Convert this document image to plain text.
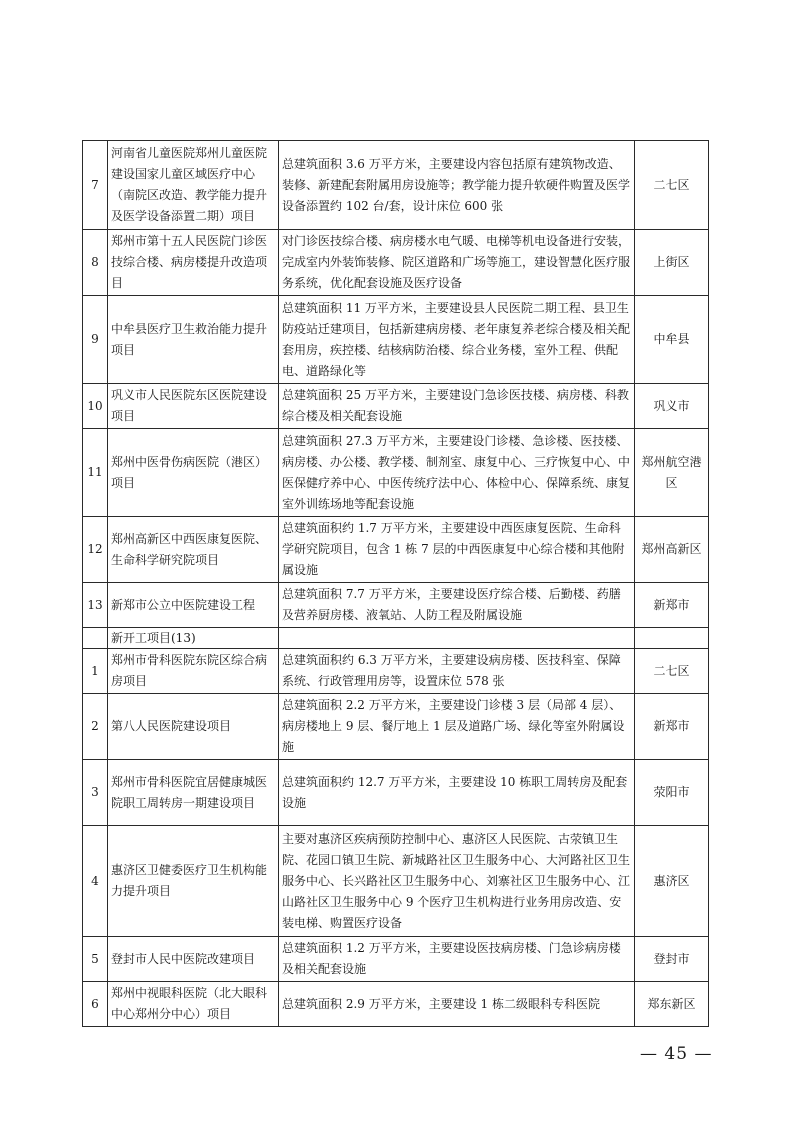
7	河南省儿童医院郑州儿童医院建设国家儿童区域医疗中心（南院区改造、教学能力提升及医学设备添置二期）项目	总建筑面积 3.6 万平方米，主要建设内容包括原有建筑物改造、装修、新建配套附属用房设施等；教学能力提升软硬件购置及医学设备添置约 102 台/套，设计床位 600 张	二七区
8	郑州市第十五人民医院门诊医技综合楼、病房楼提升改造项目	对门诊医技综合楼、病房楼水电气暖、电梯等机电设备进行安装，完成室内外装饰装修、院区道路和广场等施工，建设智慧化医疗服务系统，优化配套设施及医疗设备	上街区
9	中牟县医疗卫生救治能力提升项目	总建筑面积 11 万平方米，主要建设县人民医院二期工程、县卫生防疫站迁建项目，包括新建病房楼、老年康复养老综合楼及相关配套用房，疾控楼、结核病防治楼、综合业务楼，室外工程、供配电、道路绿化等	中牟县
10	巩义市人民医院东区医院建设项目	总建筑面积 25 万平方米，主要建设门急诊医技楼、病房楼、科教综合楼及相关配套设施	巩义市
11	郑州中医骨伤病医院（港区）项目	总建筑面积 27.3 万平方米，主要建设门诊楼、急诊楼、医技楼、病房楼、办公楼、教学楼、制剂室、康复中心、三疗恢复中心、中医保健疗养中心、中医传统疗法中心、体检中心、保障系统、康复室外训练场地等配套设施	郑州航空港区
12	郑州高新区中西医康复医院、生命科学研究院项目	总建筑面积约 1.7 万平方米，主要建设中西医康复医院、生命科学研究院项目，包含 1 栋 7 层的中西医康复中心综合楼和其他附属设施	郑州高新区
13	新郑市公立中医院建设工程	总建筑面积 7.7 万平方米，主要建设医疗综合楼、后勤楼、药膳及营养厨房楼、液氧站、人防工程及附属设施	新郑市
	新开工项目(13)		
1	郑州市骨科医院东院区综合病房项目	总建筑面积约 6.3 万平方米，主要建设病房楼、医技科室、保障系统、行政管理用房等，设置床位 578 张	二七区
2	第八人民医院建设项目	总建筑面积 2.2 万平方米，主要建设门诊楼 3 层（局部 4 层）、病房楼地上 9 层、餐厅地上 1 层及道路广场、绿化等室外附属设施	新郑市
3	郑州市骨科医院宜居健康城医院职工周转房一期建设项目	总建筑面积约 12.7 万平方米，主要建设 10 栋职工周转房及配套设施	荥阳市
4	惠济区卫健委医疗卫生机构能力提升项目	主要对惠济区疾病预防控制中心、惠济区人民医院、古荥镇卫生院、花园口镇卫生院、新城路社区卫生服务中心、大河路社区卫生服务中心、长兴路社区卫生服务中心、刘寨社区卫生服务中心、江山路社区卫生服务中心 9 个医疗卫生机构进行业务用房改造、安装电梯、购置医疗设备	惠济区
5	登封市人民中医院改建项目	总建筑面积 1.2 万平方米，主要建设医技病房楼、门急诊病房楼及相关配套设施	登封市
6	郑州中视眼科医院（北大眼科中心郑州分中心）项目	总建筑面积 2.9 万平方米，主要建设 1 栋二级眼科专科医院	郑东新区
— 45 —
